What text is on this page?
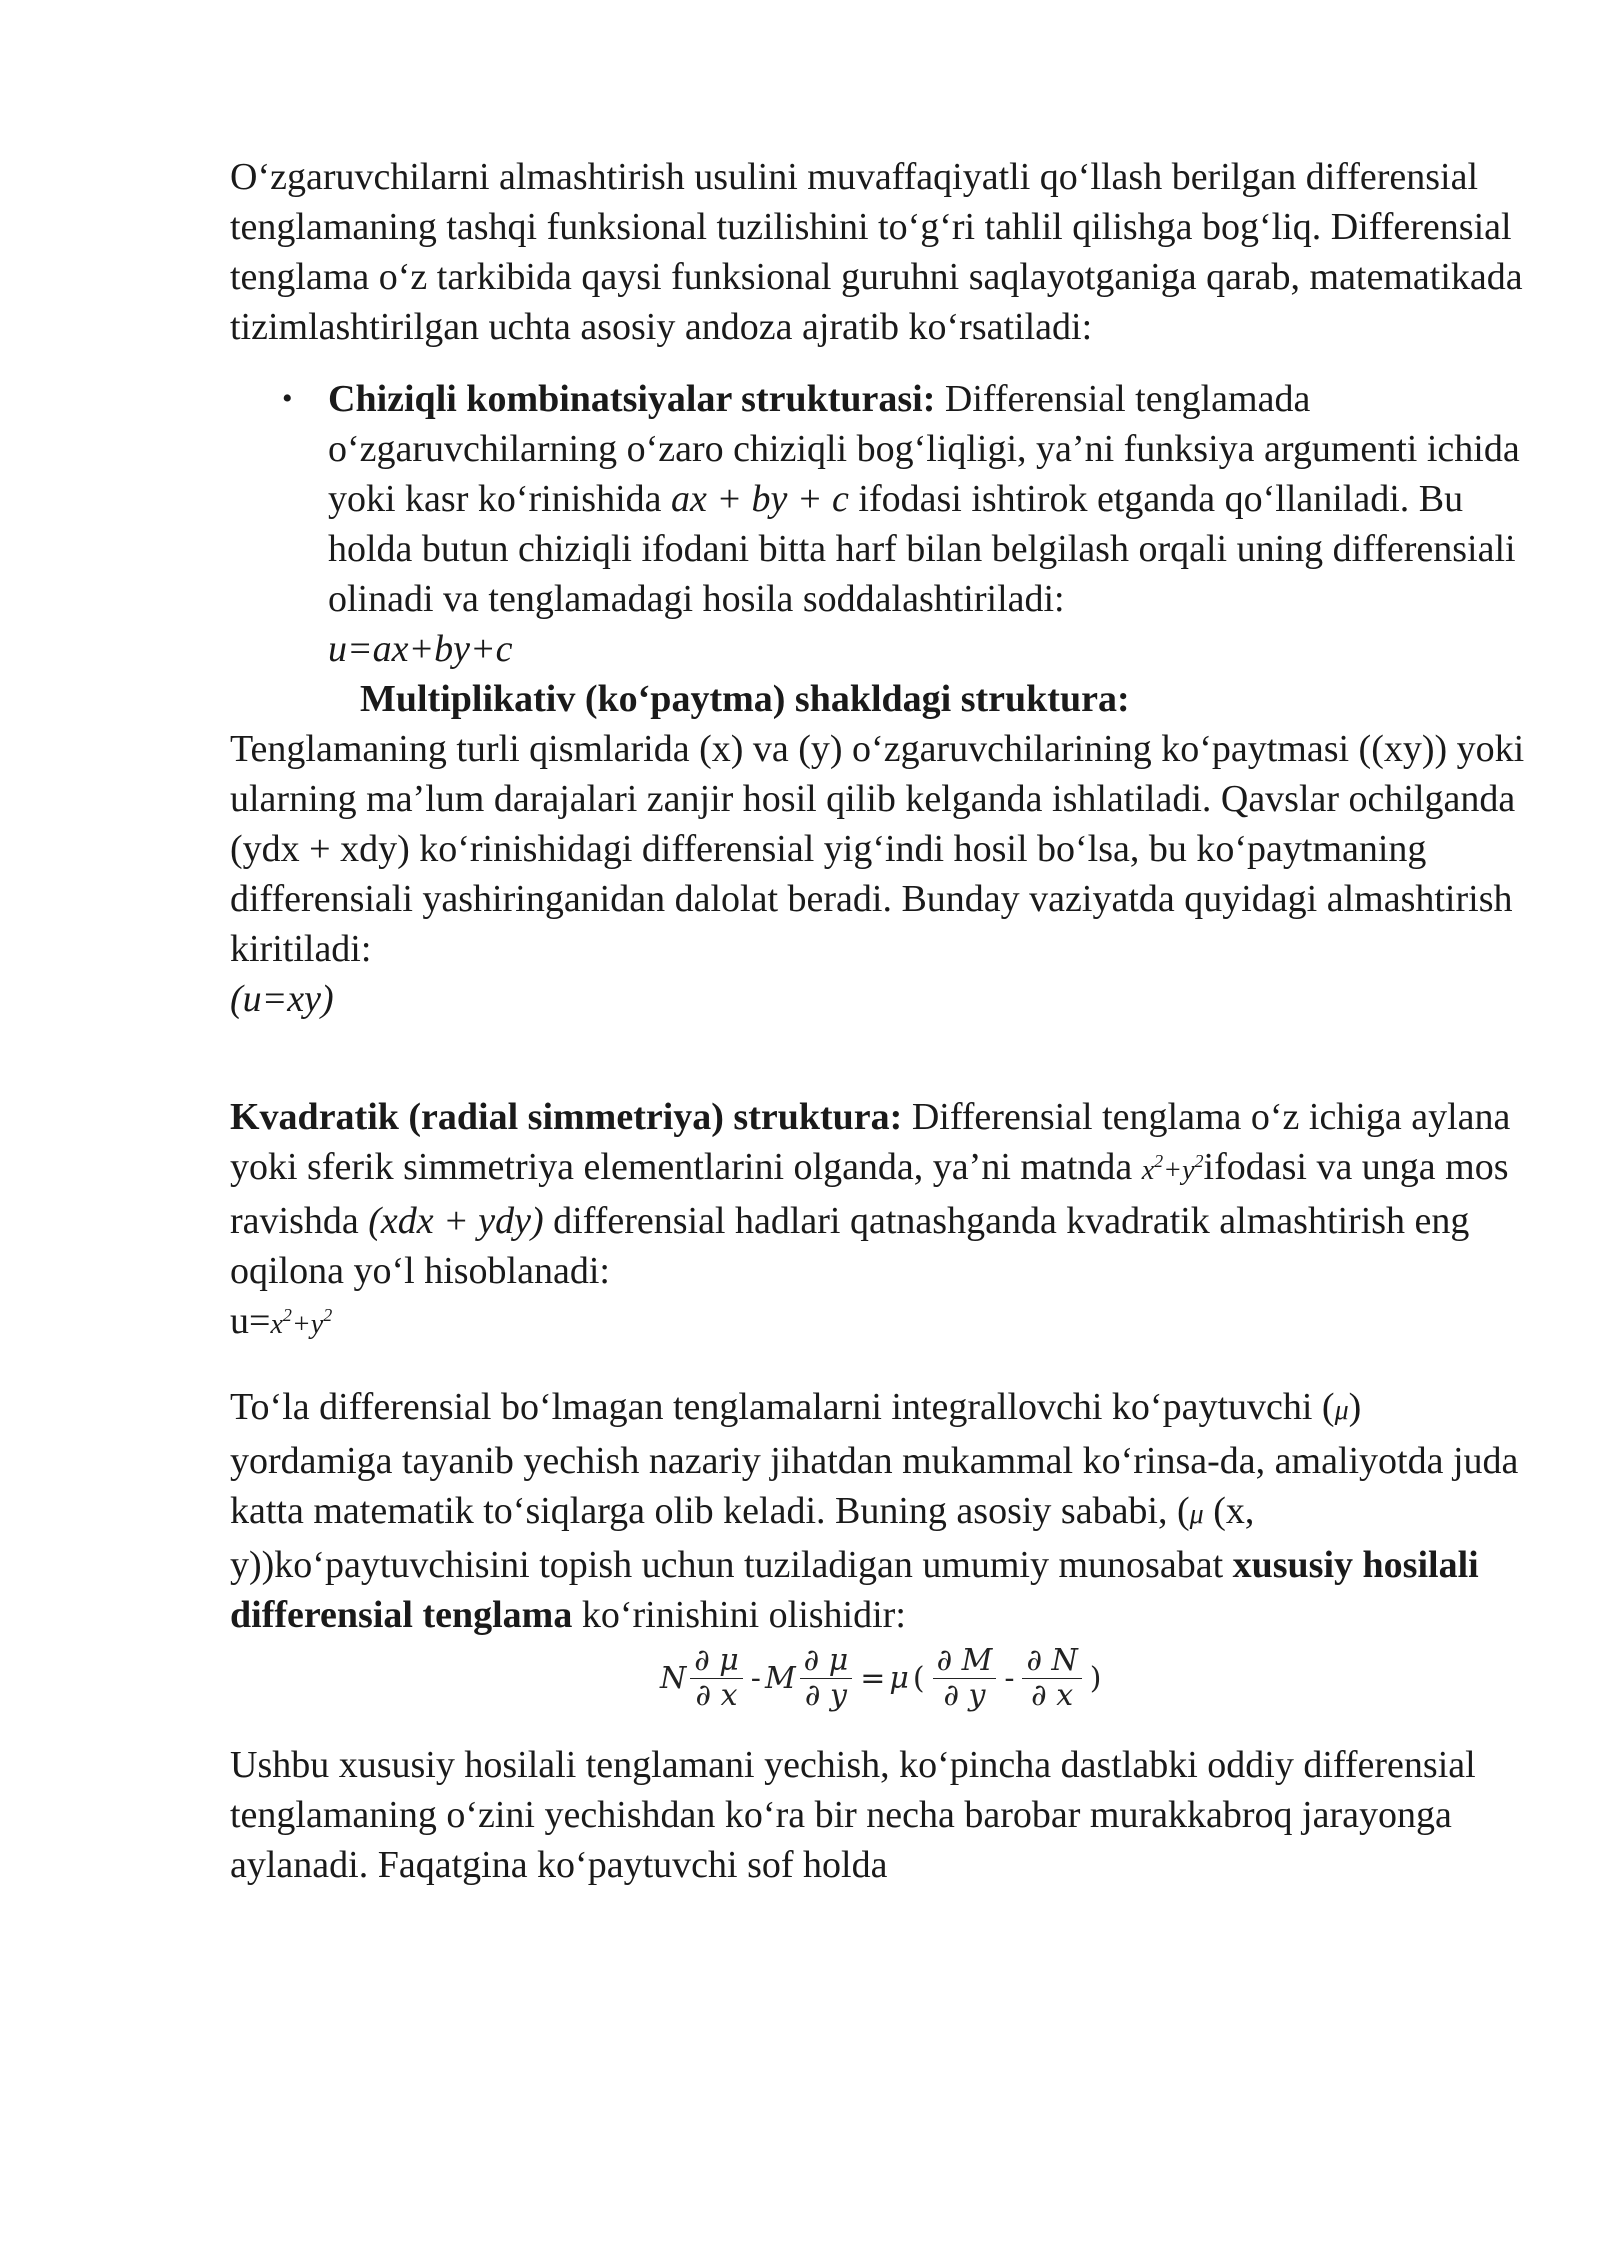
O‘zgaruvchilarni almashtirish usulini muvaffaqiyatli qo‘llash berilgan differensial tenglamaning tashqi funksional tuzilishini to‘g‘ri tahlil qilishga bog‘liq. Differensial tenglama o‘z tarkibida qaysi funksional guruhni saqlayotganiga qarab, matematikada tizimlashtirilgan uchta asosiy andoza ajratib ko‘rsatiladi:

• Chiziqli kombinatsiyalar strukturasi: Differensial tenglamada o‘zgaruvchilarning o‘zaro chiziqli bog‘liqligi, ya’ni funksiya argumenti ichida yoki kasr ko‘rinishida ax + by + c ifodasi ishtirok etganda qo‘llaniladi. Bu holda butun chiziqli ifodani bitta harf bilan belgilash orqali uning differensiali olinadi va tenglamadagi hosila soddalashtiriladi:

u=ax+by+c

Multiplikativ (ko‘paytma) shakldagi struktura:

Tenglamaning turli qismlarida (x) va (y) o‘zgaruvchilarining ko‘paytmasi ((xy)) yoki ularning ma’lum darajalari zanjir hosil qilib kelganda ishlatiladi. Qavslar ochilganda (ydx + xdy) ko‘rinishidagi differensial yig‘indi hosil bo‘lsa, bu ko‘paytmaning differensiali yashiringanidan dalolat beradi. Bunday vaziyatda quyidagi almashtirish kiritiladi:

(u=xy)

Kvadratik (radial simmetriya) struktura: Differensial tenglama o‘z ichiga aylana yoki sferik simmetriya elementlarini olganda, ya’ni matnda $x^2+y^2ifodasi$ va unga mos ravishda (xdx + ydy) differensial hadlari qatnashganda kvadratik almashtirish eng oqilona yo‘l hisoblanadi:

$u=x^2+y^2$

To‘la differensial bo‘lmagan tenglamalarni integrallovchi ko‘paytuvchi (μ) yordamiga tayanib yechish nazariy jihatdan mukammal ko‘rinsa-da, amaliyotda juda katta matematik to‘siqlarga olib keladi. Buning asosiy sababi, (μ (x, y))ko‘paytuvchisini topish uchun tuziladigan umumiy munosabat xususiy hosilali differensial tenglama ko‘rinishini olishidir:

N $\frac{\partial \mu}{\partial x} - M \frac{\partial \mu}{\partial y} = \mu$ ( $\frac{\partial M}{\partial y} - \frac{\partial N}{\partial x}$ )

Ushbu xususiy hosilali tenglamani yechish, ko‘pincha dastlabki oddiy differensial tenglamaning o‘zini yechishdan ko‘ra bir necha barobar murakkabroq jarayonga aylanadi. Faqatgina ko‘paytuvchi sof holda
